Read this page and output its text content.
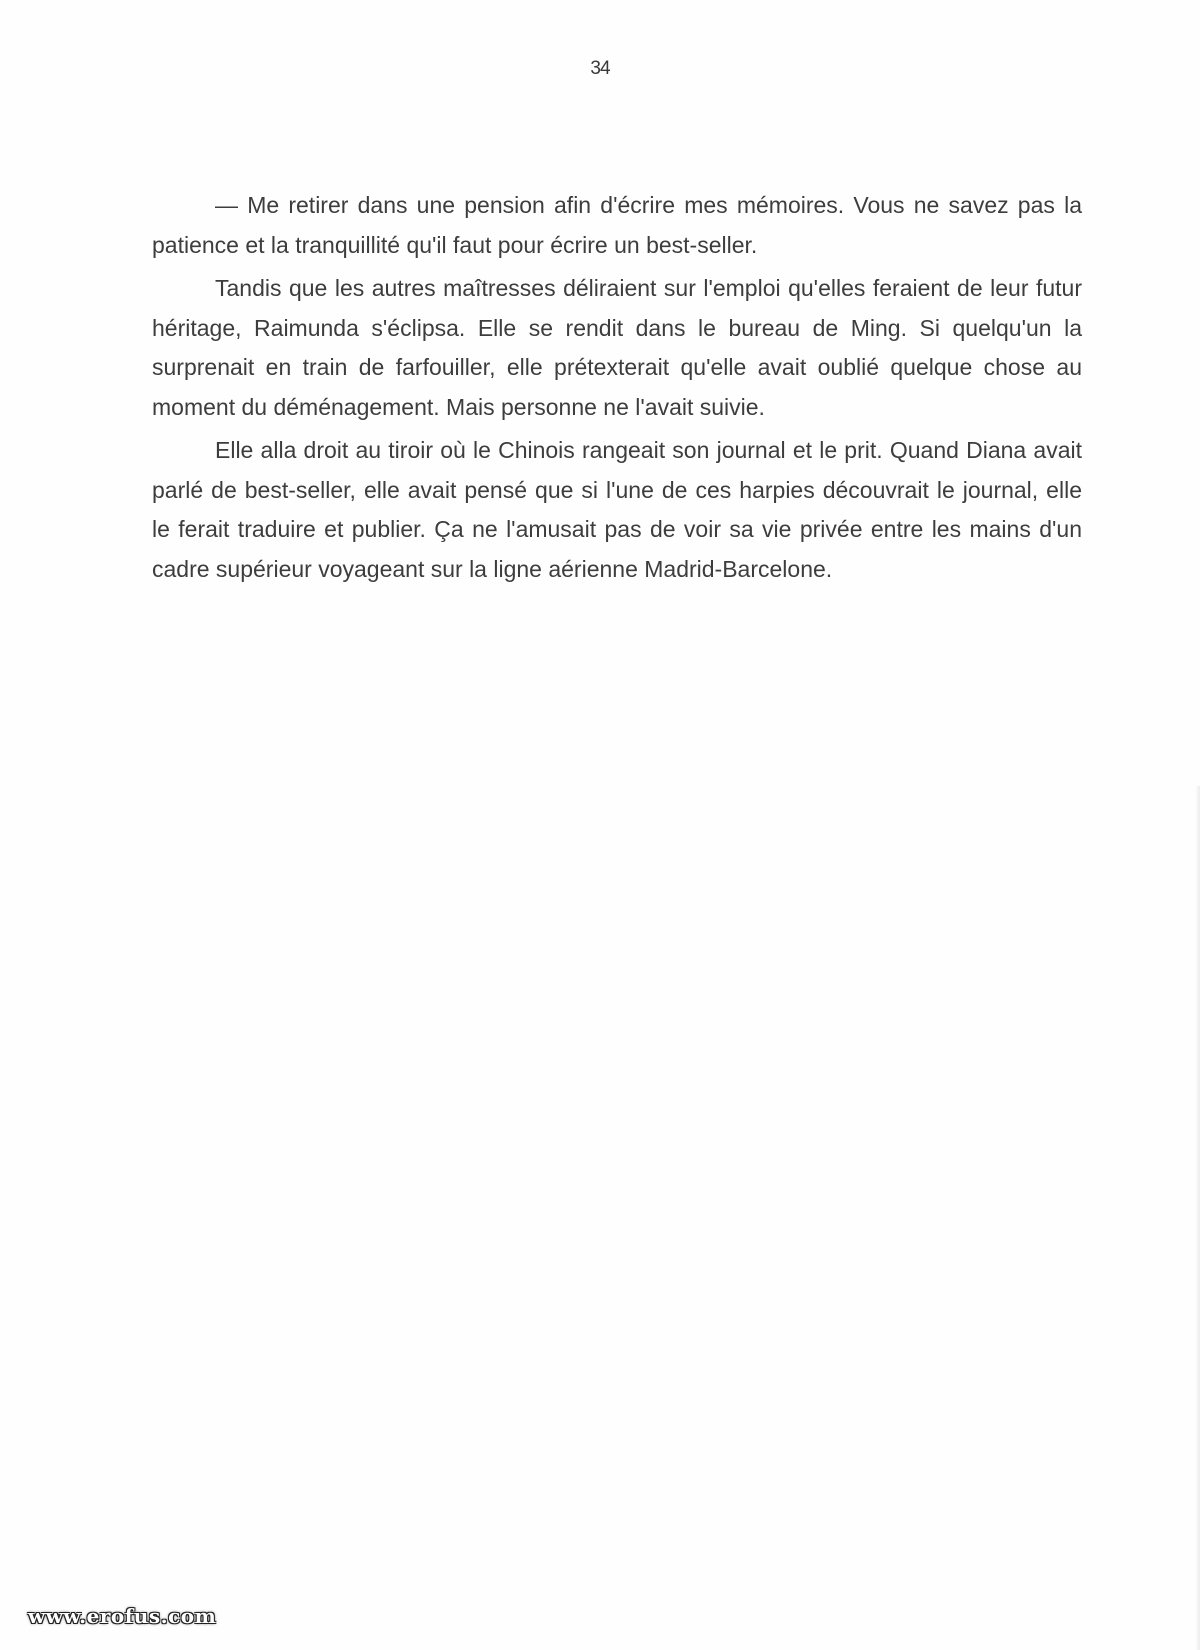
34

— Me retirer dans une pension afin d'écrire mes mémoires. Vous ne savez pas la patience et la tranquillité qu'il faut pour écrire un best-seller.

Tandis que les autres maîtresses déliraient sur l'emploi qu'elles feraient de leur futur héritage, Raimunda s'éclipsa. Elle se rendit dans le bureau de Ming. Si quelqu'un la surprenait en train de farfouiller, elle prétexterait qu'elle avait oublié quelque chose au moment du déménagement. Mais personne ne l'avait suivie.

Elle alla droit au tiroir où le Chinois rangeait son journal et le prit. Quand Diana avait parlé de best-seller, elle avait pensé que si l'une de ces harpies découvrait le journal, elle le ferait traduire et publier. Ça ne l'amusait pas de voir sa vie privée entre les mains d'un cadre supérieur voyageant sur la ligne aérienne Madrid-Barcelone.

www.erofus.com
